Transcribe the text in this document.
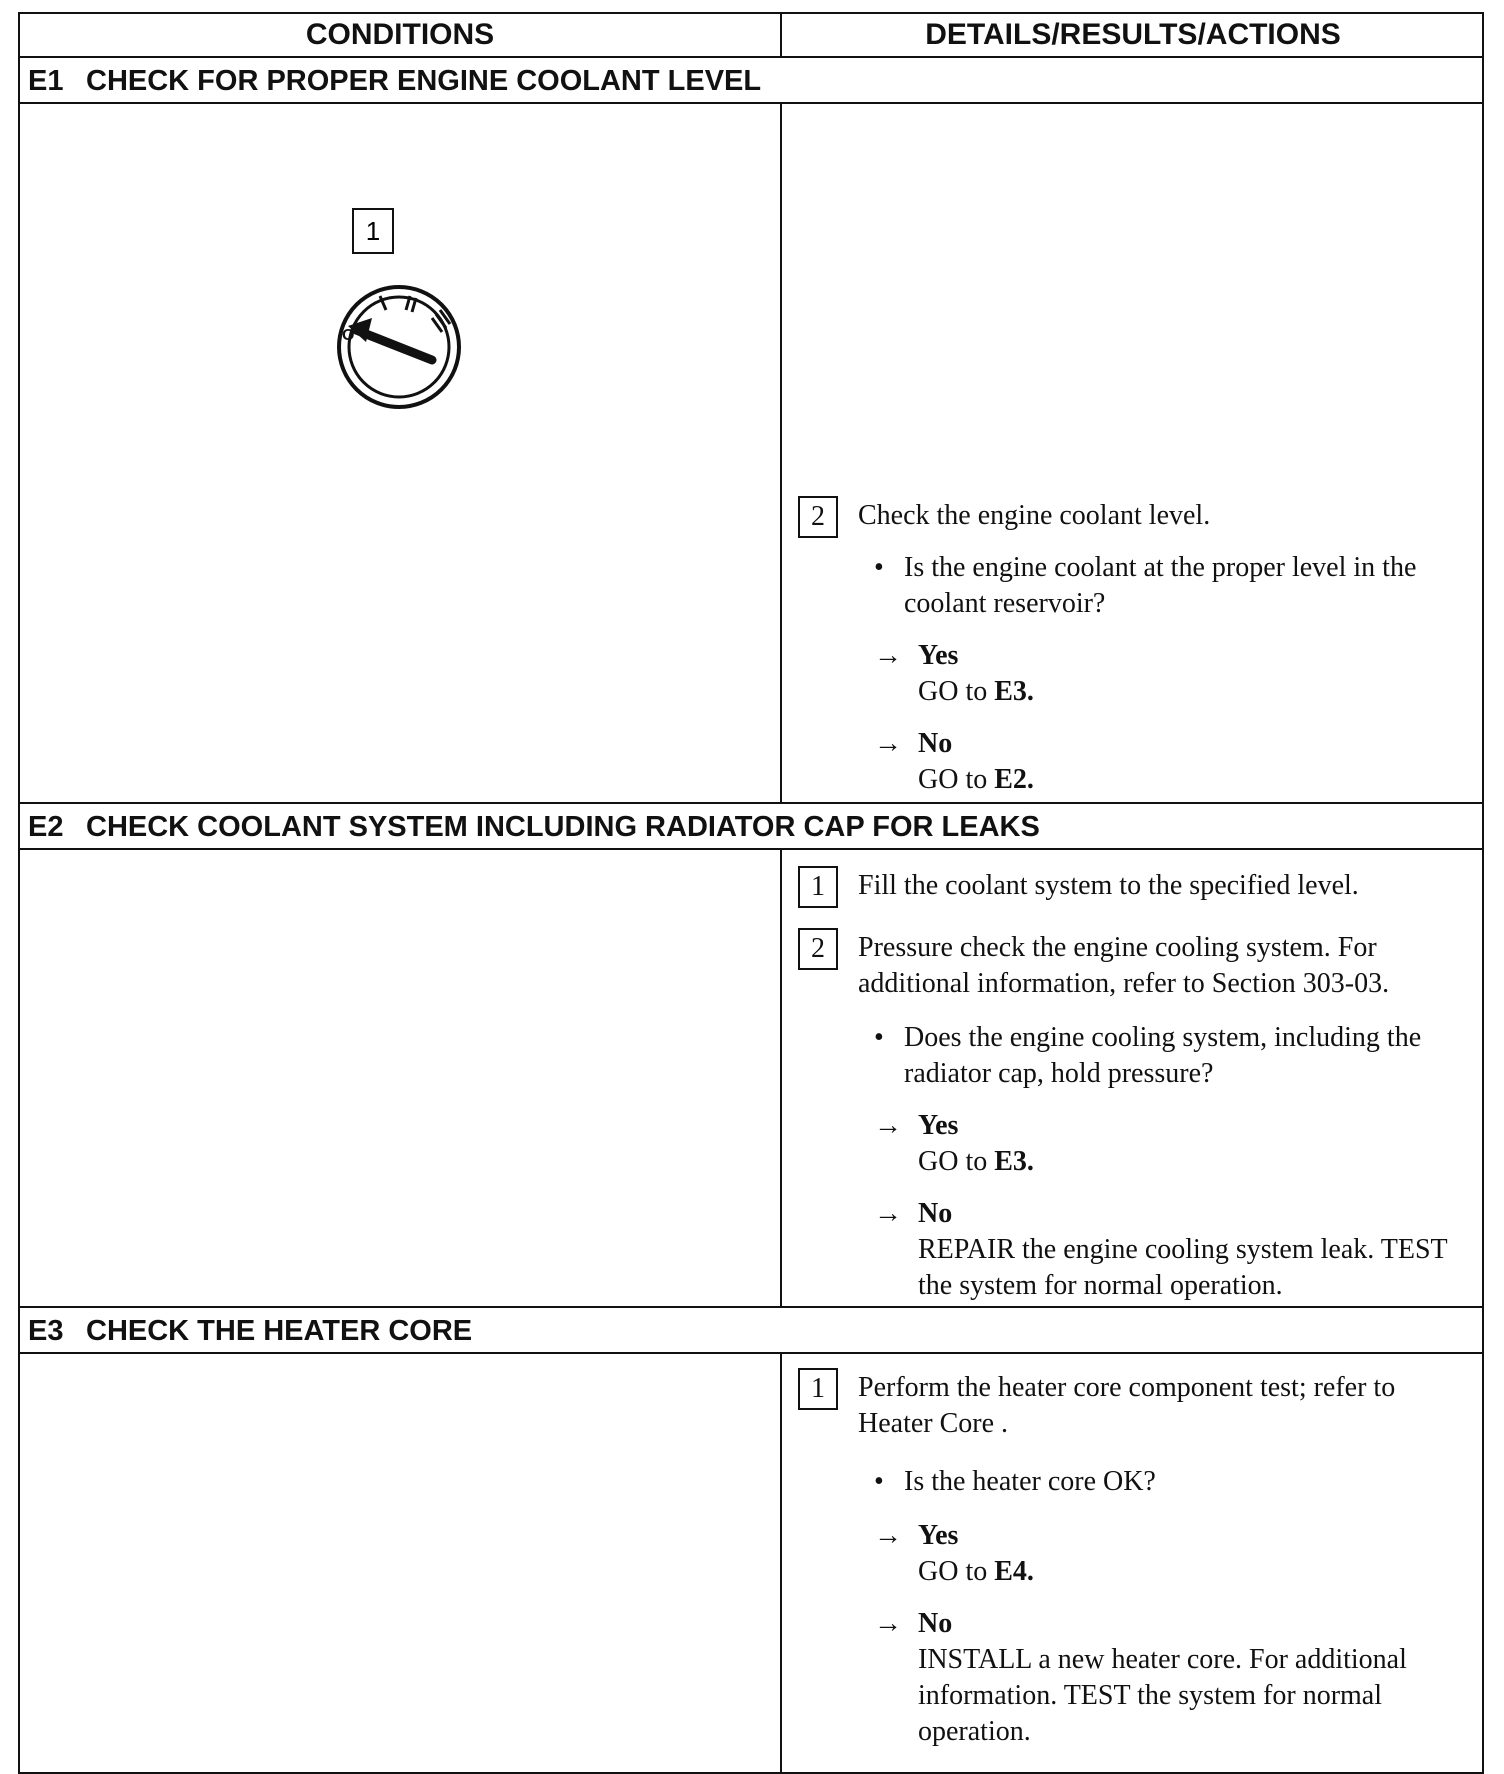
CONDITIONS	DETAILS/RESULTS/ACTIONS
E1 CHECK FOR PROPER ENGINE COOLANT LEVEL
1
O
2	Check the engine coolant level.
• Is the engine coolant at the proper level in the coolant reservoir?
→ Yes
GO to E3.
→ No
GO to E2.
E2 CHECK COOLANT SYSTEM INCLUDING RADIATOR CAP FOR LEAKS
1	Fill the coolant system to the specified level.
2	Pressure check the engine cooling system. For additional information, refer to Section 303-03.
• Does the engine cooling system, including the radiator cap, hold pressure?
→ Yes
GO to E3.
→ No
REPAIR the engine cooling system leak. TEST the system for normal operation.
E3 CHECK THE HEATER CORE
1	Perform the heater core component test; refer to Heater Core .
• Is the heater core OK?
→ Yes
GO to E4.
→ No
INSTALL a new heater core. For additional information. TEST the system for normal operation.
